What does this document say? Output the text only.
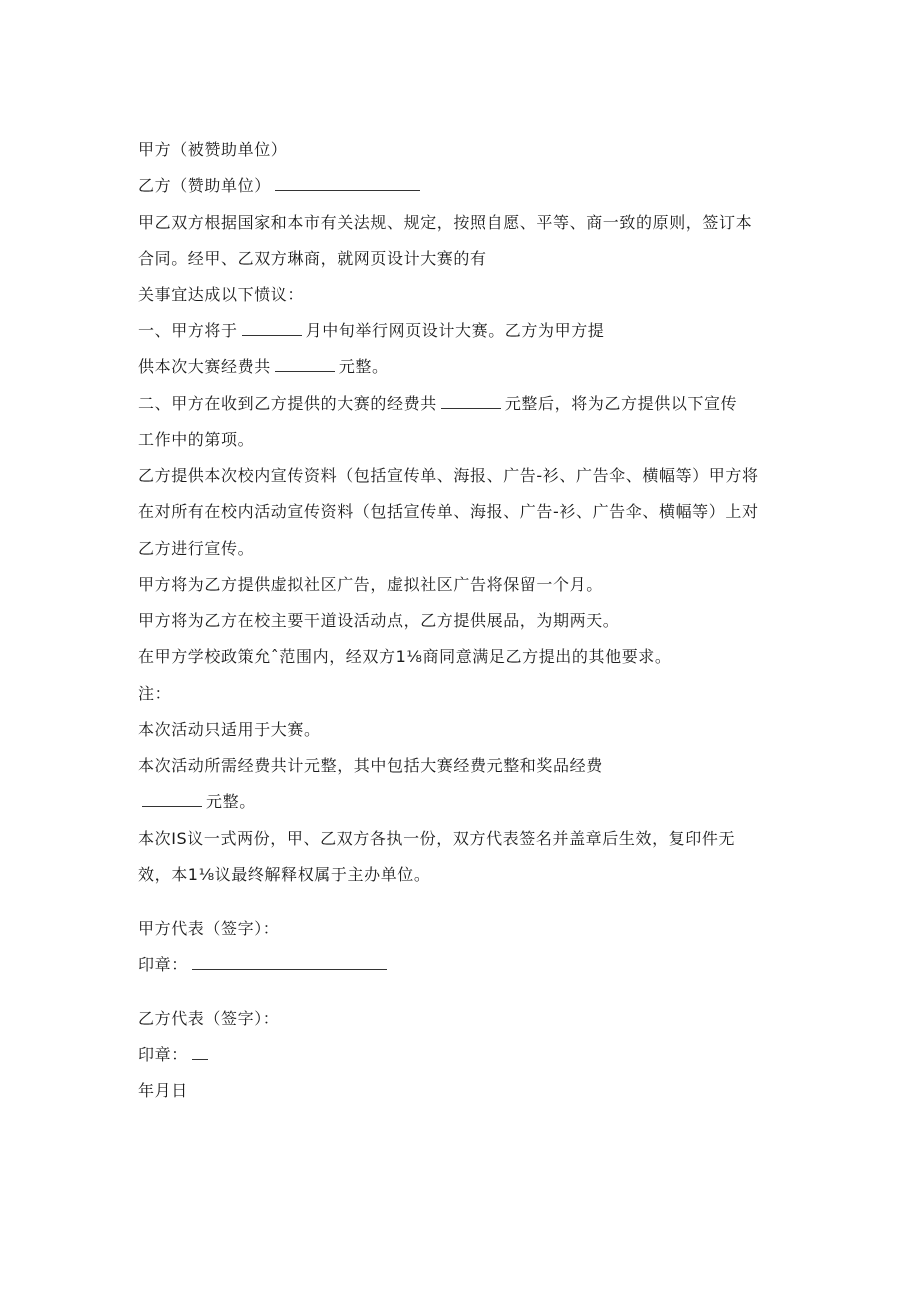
甲方（被赞助单位）
乙方（赞助单位）
甲乙双方根据国家和本市有关法规、规定，按照自愿、平等、商一致的原则，签订本
合同。经甲、乙双方琳商，就网页设计大赛的有
关事宜达成以下愤议：
一、甲方将于	月中旬举行网页设计大赛。乙方为甲方提
供本次大赛经费共	元整。
二、甲方在收到乙方提供的大赛的经费共	元整后，将为乙方提供以下宣传
工作中的第项。
乙方提供本次校内宣传资料（包括宣传单、海报、广告-衫、广告伞、横幅等）甲方将
在对所有在校内活动宣传资料（包括宣传单、海报、广告-衫、广告伞、横幅等）上对
乙方进行宣传。
甲方将为乙方提供虚拟社区广告，虚拟社区广告将保留一个月。
甲方将为乙方在校主要干道设活动点，乙方提供展品，为期两天。
在甲方学校政策允ˆ范围内，经双方1⅛商同意满足乙方提出的其他要求。
注：
本次活动只适用于大赛。
本次活动所需经费共计元整，其中包括大赛经费元整和奖品经费
元整。
本次IS议一式两份，甲、乙双方各执一份，双方代表签名并盖章后生效，复印件无
效，本1⅛议最终解释权属于主办单位。
甲方代表（签字）：
印章：
乙方代表（签字）：
印章：
年月日
